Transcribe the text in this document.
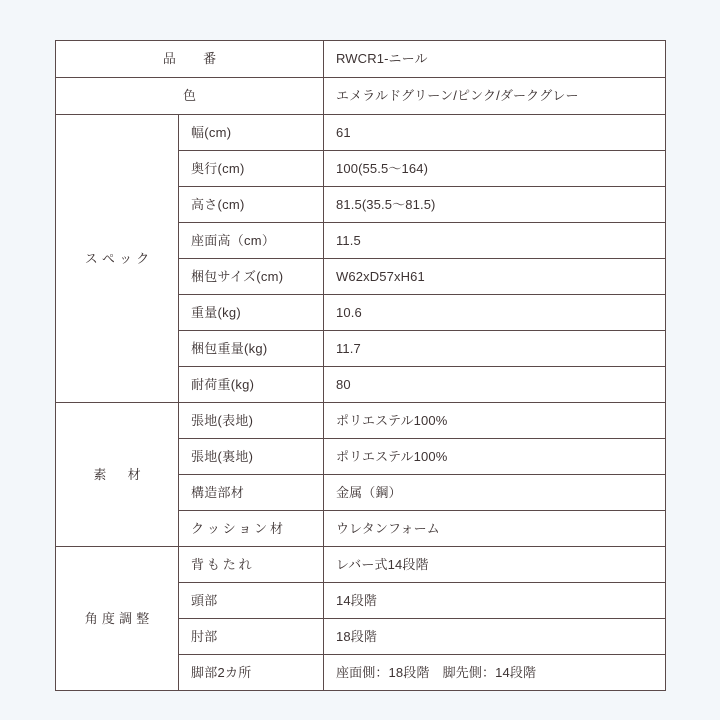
品　番		RWCR1-ニール
色		エメラルドグリーン/ピンク/ダークグレー
スペック	幅(cm)	61
	奥行(cm)	100(55.5〜164)
	高さ(cm)	81.5(35.5〜81.5)
	座面高（cm）	11.5
	梱包サイズ(cm)	W62xD57xH61
	重量(kg)	10.6
	梱包重量(kg)	11.7
	耐荷重(kg)	80
素　材	張地(表地)	ポリエステル100%
	張地(裏地)	ポリエステル100%
	構造部材	金属（鋼）
	クッション材	ウレタンフォーム
角度調整	背もたれ	レバー式14段階
	頭部	14段階
	肘部	18段階
	脚部2カ所	座面側：18段階　脚先側：14段階
